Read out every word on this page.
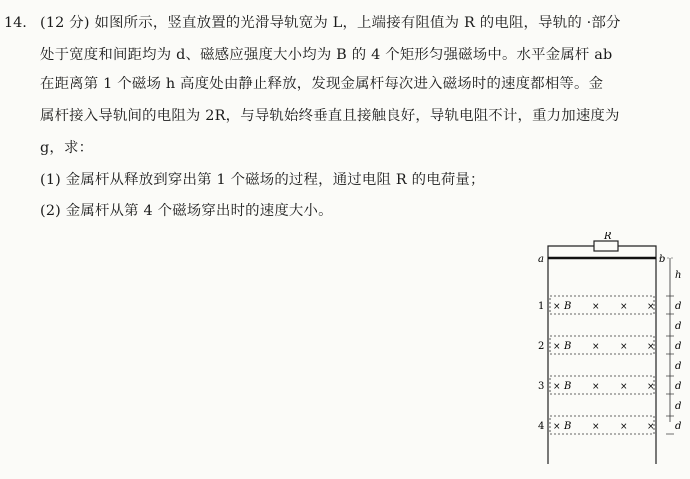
14. (12 分) 如图所示，竖直放置的光滑导轨宽为 L，上端接有阻值为 R 的电阻，导轨的 ·部分
处于宽度和间距均为 d、磁感应强度大小均为 B 的 4 个矩形匀强磁场中。水平金属杆 ab
在距离第 1 个磁场 h 高度处由静止释放，发现金属杆每次进入磁场时的速度都相等。金
属杆接入导轨间的电阻为 2R，与导轨始终垂直且接触良好，导轨电阻不计，重力加速度为
g，求：
(1) 金属杆从释放到穿出第 1 个磁场的过程，通过电阻 R 的电荷量；
(2) 金属杆从第 4 个磁场穿出时的速度大小。
R
a	b
h
1 ×	× × ×
B
2 ×	× × ×
B
3 ×	× × ×
B
4 ×	× × ×
B
d
d
d
d
d
d
d
